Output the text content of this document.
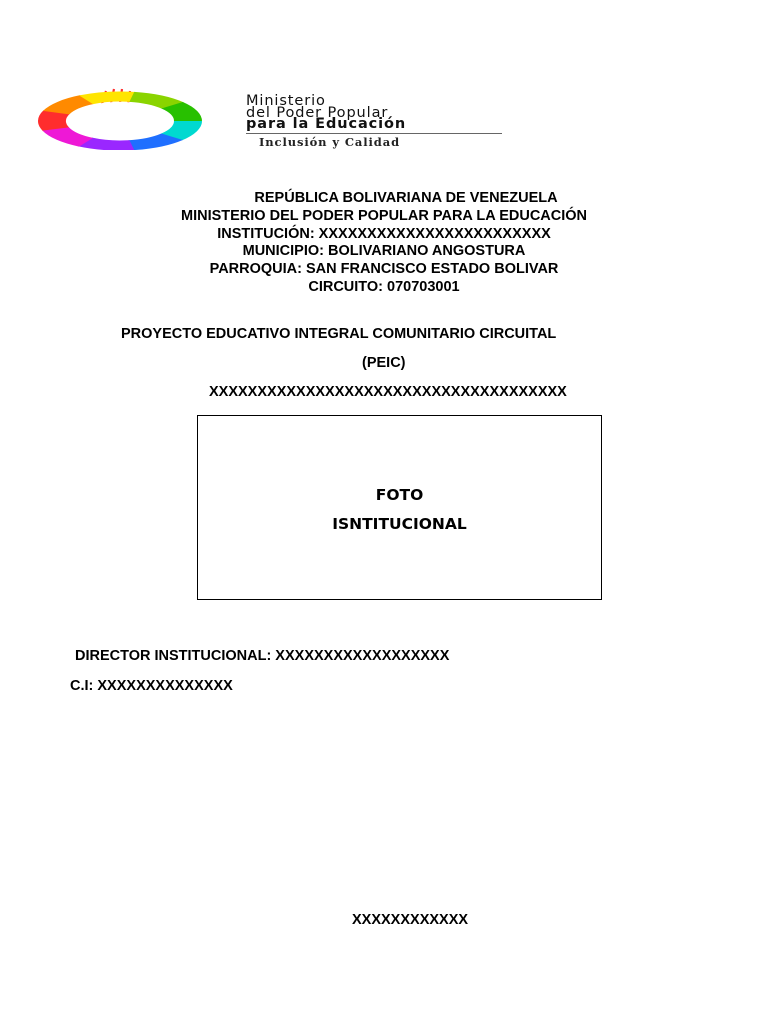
Ministerio
del Poder Popular
para la Educación
Inclusión y Calidad
REPÚBLICA BOLIVARIANA DE VENEZUELA
MINISTERIO DEL PODER POPULAR PARA LA EDUCACIÓN
INSTITUCIÓN: XXXXXXXXXXXXXXXXXXXXXXXX
MUNICIPIO: BOLIVARIANO ANGOSTURA
PARROQUIA: SAN FRANCISCO ESTADO BOLIVAR
CIRCUITO: 070703001
PROYECTO EDUCATIVO INTEGRAL COMUNITARIO CIRCUITAL
(PEIC)
XXXXXXXXXXXXXXXXXXXXXXXXXXXXXXXXXXXXX
FOTO
ISNTITUCIONAL
DIRECTOR INSTITUCIONAL: XXXXXXXXXXXXXXXXXX
C.I: XXXXXXXXXXXXXX
XXXXXXXXXXXX
